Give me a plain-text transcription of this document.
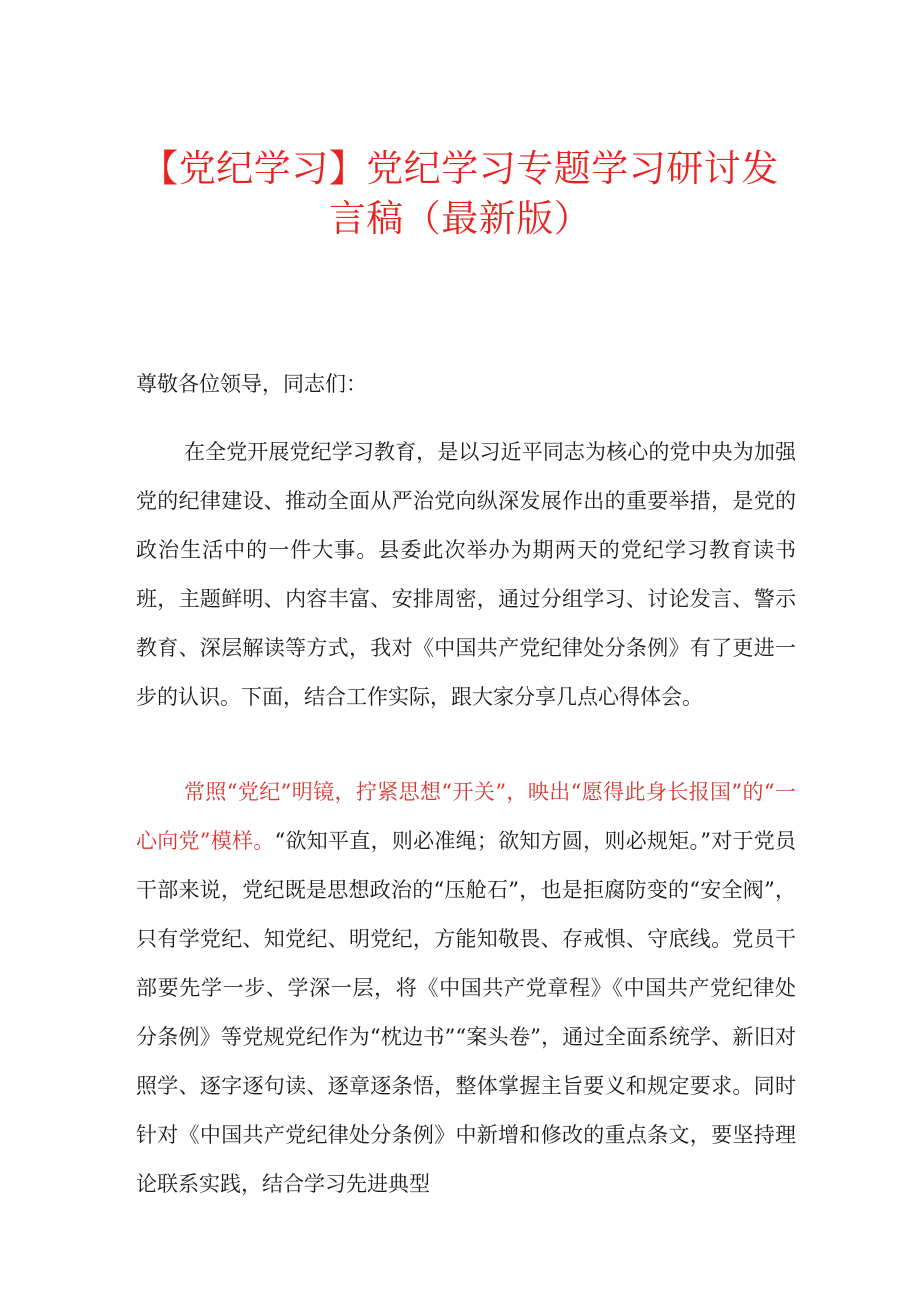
【党纪学习】党纪学习专题学习研讨发
言稿（最新版）

尊敬各位领导，同志们：

在全党开展党纪学习教育，是以习近平同志为核心的党中央为加强党的纪律建设、推动全面从严治党向纵深发展作出的重要举措，是党的政治生活中的一件大事。县委此次举办为期两天的党纪学习教育读书班，主题鲜明、内容丰富、安排周密，通过分组学习、讨论发言、警示教育、深层解读等方式，我对《中国共产党纪律处分条例》有了更进一步的认识。下面，结合工作实际，跟大家分享几点心得体会。

常照“党纪”明镜，拧紧思想“开关”，映出“愿得此身长报国”的“一心向党”模样。“欲知平直，则必准绳；欲知方圆，则必规矩。”对于党员干部来说，党纪既是思想政治的“压舱石”，也是拒腐防变的“安全阀”，只有学党纪、知党纪、明党纪，方能知敬畏、存戒惧、守底线。党员干部要先学一步、学深一层，将《中国共产党章程》《中国共产党纪律处分条例》等党规党纪作为“枕边书”“案头卷”，通过全面系统学、新旧对照学、逐字逐句读、逐章逐条悟，整体掌握主旨要义和规定要求。同时针对《中国共产党纪律处分条例》中新增和修改的重点条文，要坚持理论联系实践，结合学习先进典型
